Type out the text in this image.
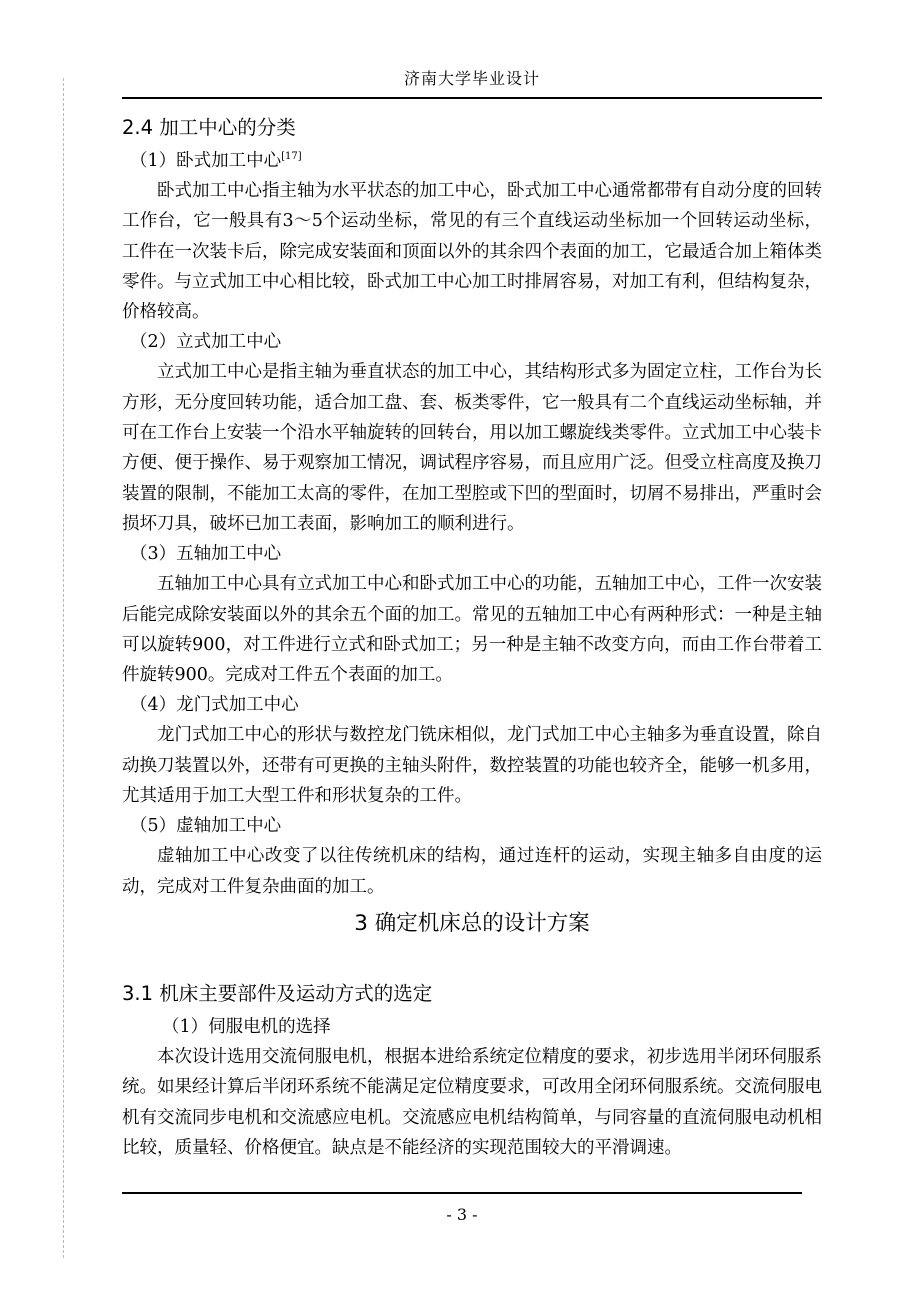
济南大学毕业设计
2.4 加工中心的分类

（1）卧式加工中心[17]

卧式加工中心指主轴为水平状态的加工中心，卧式加工中心通常都带有自动分度的回转工作台，它一般具有3～5个运动坐标，常见的有三个直线运动坐标加一个回转运动坐标，工件在一次装卡后，除完成安装面和顶面以外的其余四个表面的加工，它最适合加上箱体类零件。与立式加工中心相比较，卧式加工中心加工时排屑容易，对加工有利，但结构复杂，价格较高。

（2）立式加工中心

立式加工中心是指主轴为垂直状态的加工中心，其结构形式多为固定立柱，工作台为长方形，无分度回转功能，适合加工盘、套、板类零件，它一般具有二个直线运动坐标轴，并可在工作台上安装一个沿水平轴旋转的回转台，用以加工螺旋线类零件。立式加工中心装卡方便、便于操作、易于观察加工情况，调试程序容易，而且应用广泛。但受立柱高度及换刀装置的限制，不能加工太高的零件，在加工型腔或下凹的型面时，切屑不易排出，严重时会损坏刀具，破坏已加工表面，影响加工的顺利进行。

（3）五轴加工中心

五轴加工中心具有立式加工中心和卧式加工中心的功能，五轴加工中心，工件一次安装后能完成除安装面以外的其余五个面的加工。常见的五轴加工中心有两种形式：一种是主轴可以旋转900，对工件进行立式和卧式加工；另一种是主轴不改变方向，而由工作台带着工件旋转900。完成对工件五个表面的加工。

（4）龙门式加工中心

龙门式加工中心的形状与数控龙门铣床相似，龙门式加工中心主轴多为垂直设置，除自动换刀装置以外，还带有可更换的主轴头附件，数控装置的功能也较齐全，能够一机多用，尤其适用于加工大型工件和形状复杂的工件。

（5）虚轴加工中心

虚轴加工中心改变了以往传统机床的结构，通过连杆的运动，实现主轴多自由度的运动，完成对工件复杂曲面的加工。

3 确定机床总的设计方案
3.1 机床主要部件及运动方式的选定

（1）伺服电机的选择

本次设计选用交流伺服电机，根据本进给系统定位精度的要求，初步选用半闭环伺服系统。如果经计算后半闭环系统不能满足定位精度要求，可改用全闭环伺服系统。交流伺服电机有交流同步电机和交流感应电机。交流感应电机结构简单，与同容量的直流伺服电动机相比较，质量轻、价格便宜。缺点是不能经济的实现范围较大的平滑调速。

- 3 -
